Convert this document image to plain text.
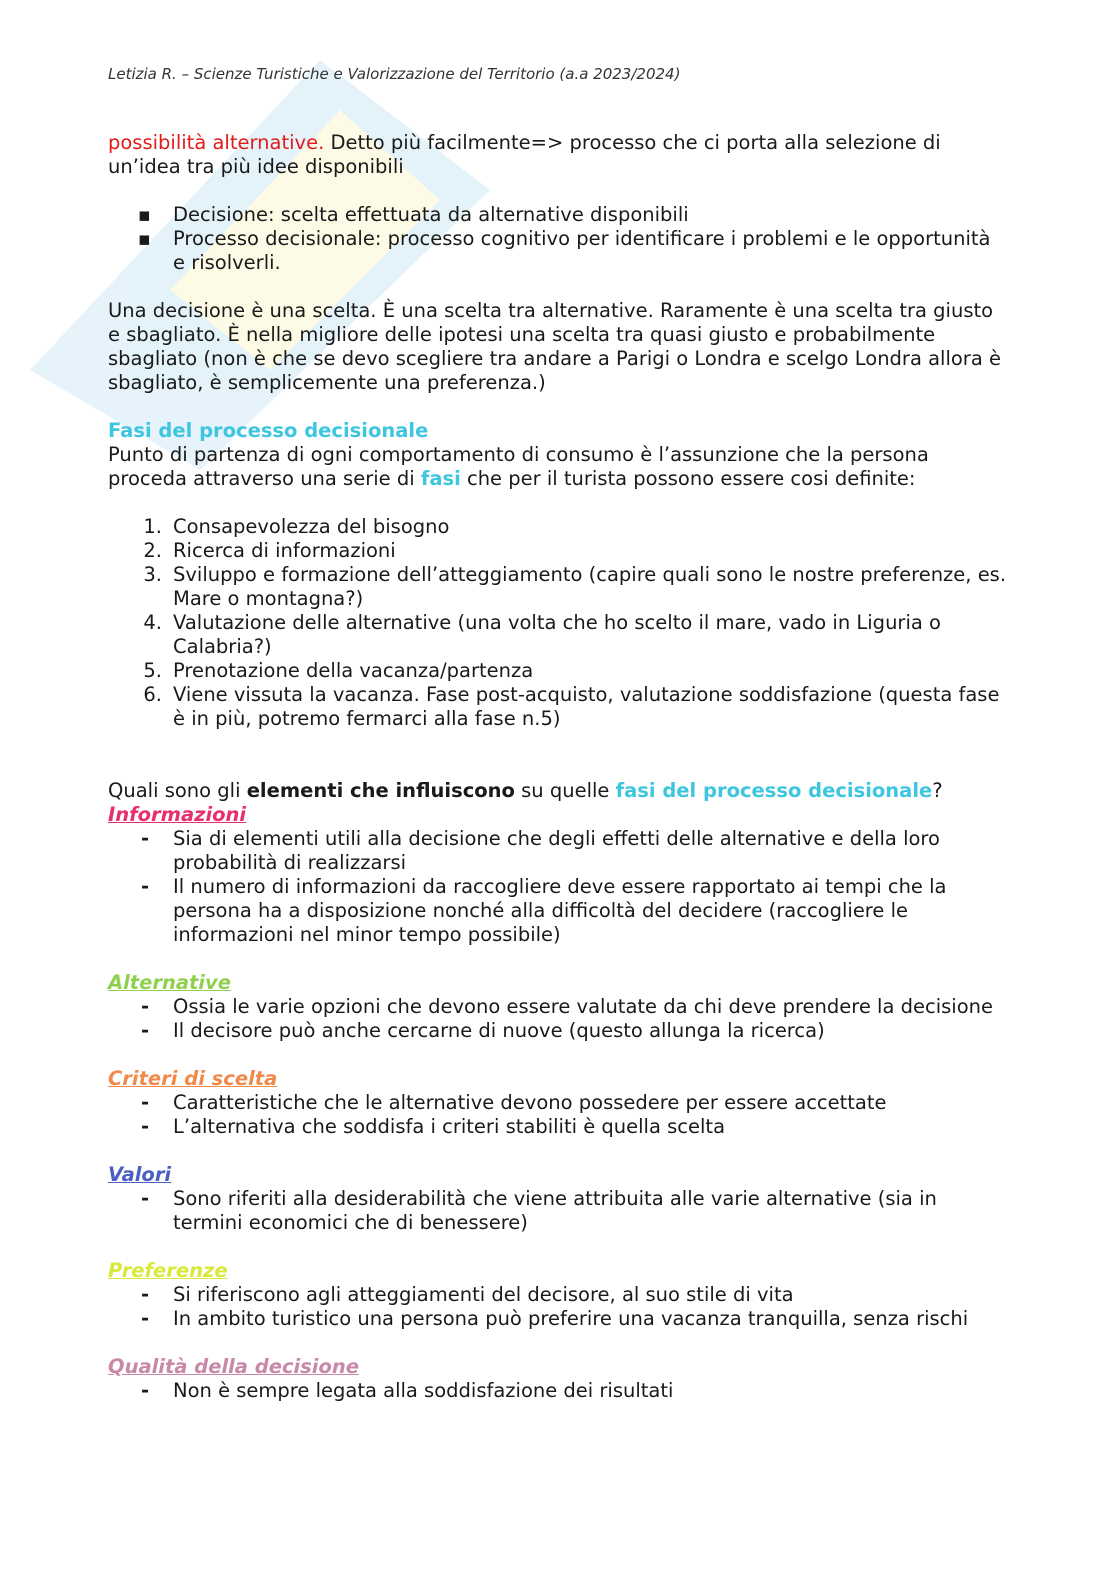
Letizia R. – Scienze Turistiche e Valorizzazione del Territorio (a.a 2023/2024)

possibilità alternative. Detto più facilmente=> processo che ci porta alla selezione di un’idea tra più idee disponibili

▪ Decisione: scelta effettuata da alternative disponibili
▪ Processo decisionale: processo cognitivo per identificare i problemi e le opportunità e risolverli.

Una decisione è una scelta. È una scelta tra alternative. Raramente è una scelta tra giusto e sbagliato. È nella migliore delle ipotesi una scelta tra quasi giusto e probabilmente sbagliato (non è che se devo scegliere tra andare a Parigi o Londra e scelgo Londra allora è sbagliato, è semplicemente una preferenza.)

Fasi del processo decisionale

Punto di partenza di ogni comportamento di consumo è l’assunzione che la persona proceda attraverso una serie di fasi che per il turista possono essere cosi definite:

1. Consapevolezza del bisogno
2. Ricerca di informazioni
3. Sviluppo e formazione dell’atteggiamento (capire quali sono le nostre preferenze, es. Mare o montagna?)
4. Valutazione delle alternative (una volta che ho scelto il mare, vado in Liguria o Calabria?)
5. Prenotazione della vacanza/partenza
6. Viene vissuta la vacanza. Fase post-acquisto, valutazione soddisfazione (questa fase è in più, potremo fermarci alla fase n.5)

Quali sono gli elementi che influiscono su quelle fasi del processo decisionale?

Informazioni

- Sia di elementi utili alla decisione che degli effetti delle alternative e della loro probabilità di realizzarsi
- Il numero di informazioni da raccogliere deve essere rapportato ai tempi che la persona ha a disposizione nonché alla difficoltà del decidere (raccogliere le informazioni nel minor tempo possibile)

Alternative

- Ossia le varie opzioni che devono essere valutate da chi deve prendere la decisione
- Il decisore può anche cercarne di nuove (questo allunga la ricerca)

Criteri di scelta

- Caratteristiche che le alternative devono possedere per essere accettate
- L’alternativa che soddisfa i criteri stabiliti è quella scelta

Valori

- Sono riferiti alla desiderabilità che viene attribuita alle varie alternative (sia in termini economici che di benessere)

Preferenze

- Si riferiscono agli atteggiamenti del decisore, al suo stile di vita
- In ambito turistico una persona può preferire una vacanza tranquilla, senza rischi

Qualità della decisione

- Non è sempre legata alla soddisfazione dei risultati
